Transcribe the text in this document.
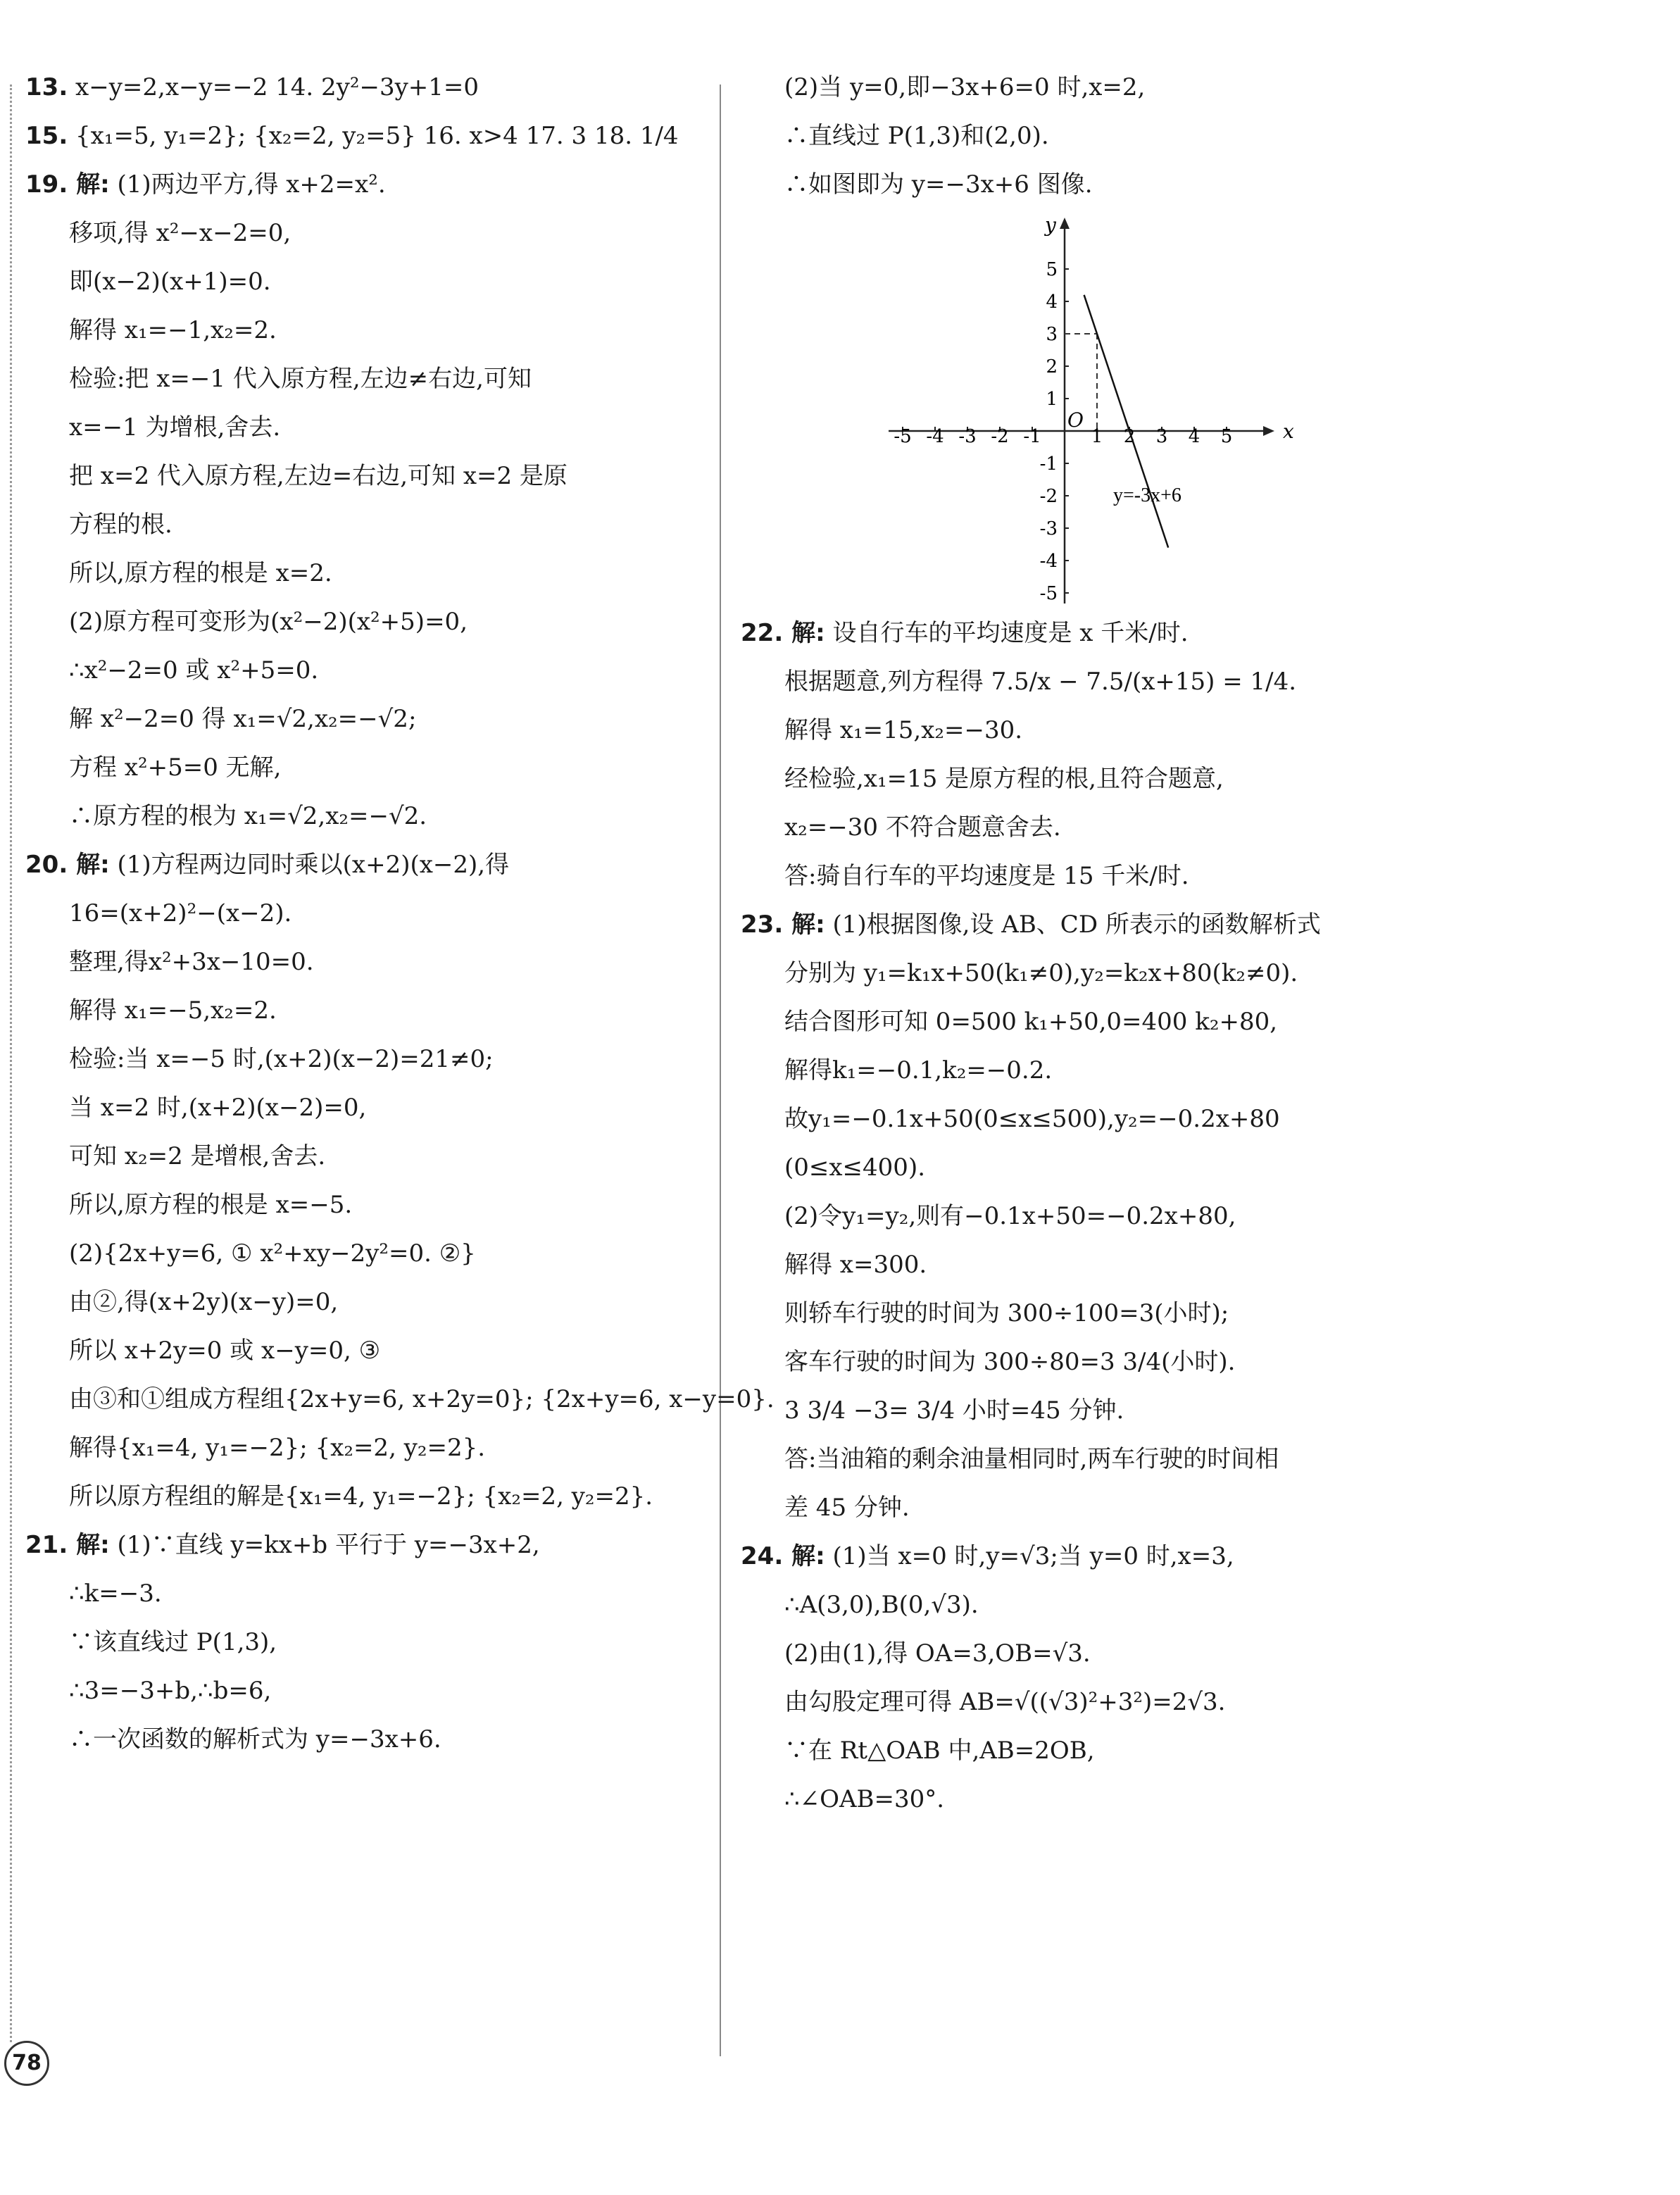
13. x−y=2,x−y=−2 14. 2y²−3y+1=0
15. {x₁=5, y₁=2}; {x₂=2, y₂=5} 16. x>4 17. 3 18. 1/4
19. 解: (1)两边平方,得 x+2=x².
移项,得 x²−x−2=0,
即(x−2)(x+1)=0.
解得 x₁=−1,x₂=2.
检验:把 x=−1 代入原方程,左边≠右边,可知
x=−1 为增根,舍去.
把 x=2 代入原方程,左边=右边,可知 x=2 是原
方程的根.
所以,原方程的根是 x=2.
(2)原方程可变形为(x²−2)(x²+5)=0,
∴x²−2=0 或 x²+5=0.
解 x²−2=0 得 x₁=√2,x₂=−√2;
方程 x²+5=0 无解,
∴原方程的根为 x₁=√2,x₂=−√2.
20. 解: (1)方程两边同时乘以(x+2)(x−2),得
16=(x+2)²−(x−2).
整理,得x²+3x−10=0.
解得 x₁=−5,x₂=2.
检验:当 x=−5 时,(x+2)(x−2)=21≠0;
当 x=2 时,(x+2)(x−2)=0,
可知 x₂=2 是增根,舍去.
所以,原方程的根是 x=−5.
(2){2x+y=6, ① x²+xy−2y²=0. ②}
由②,得(x+2y)(x−y)=0,
所以 x+2y=0 或 x−y=0, ③
由③和①组成方程组{2x+y=6, x+2y=0}; {2x+y=6, x−y=0}.
解得{x₁=4, y₁=−2}; {x₂=2, y₂=2}.
所以原方程组的解是{x₁=4, y₁=−2}; {x₂=2, y₂=2}.
21. 解: (1)∵直线 y=kx+b 平行于 y=−3x+2,
∴k=−3.
∵该直线过 P(1,3),
∴3=−3+b,∴b=6,
∴一次函数的解析式为 y=−3x+6.
(2)当 y=0,即−3x+6=0 时,x=2,
∴直线过 P(1,3)和(2,0).
∴如图即为 y=−3x+6 图像.
x
y
O
-5 -4 -3 -2 -1	1 2 3 4 5
-5
-4
-3
-2
-1
1
2
3
4
5
y=-3x+6
22. 解: 设自行车的平均速度是 x 千米/时.
根据题意,列方程得 7.5/x − 7.5/(x+15) = 1/4.
解得 x₁=15,x₂=−30.
经检验,x₁=15 是原方程的根,且符合题意,
x₂=−30 不符合题意舍去.
答:骑自行车的平均速度是 15 千米/时.
23. 解: (1)根据图像,设 AB、CD 所表示的函数解析式
分别为 y₁=k₁x+50(k₁≠0),y₂=k₂x+80(k₂≠0).
结合图形可知 0=500 k₁+50,0=400 k₂+80,
解得k₁=−0.1,k₂=−0.2.
故y₁=−0.1x+50(0≤x≤500),y₂=−0.2x+80
(0≤x≤400).
(2)令y₁=y₂,则有−0.1x+50=−0.2x+80,
解得 x=300.
则轿车行驶的时间为 300÷100=3(小时);
客车行驶的时间为 300÷80=3 3/4(小时).
3 3/4 −3= 3/4 小时=45 分钟.
答:当油箱的剩余油量相同时,两车行驶的时间相
差 45 分钟.
24. 解: (1)当 x=0 时,y=√3;当 y=0 时,x=3,
∴A(3,0),B(0,√3).
(2)由(1),得 OA=3,OB=√3.
由勾股定理可得 AB=√((√3)²+3²)=2√3.
∵在 Rt△OAB 中,AB=2OB,
∴∠OAB=30°.
78
